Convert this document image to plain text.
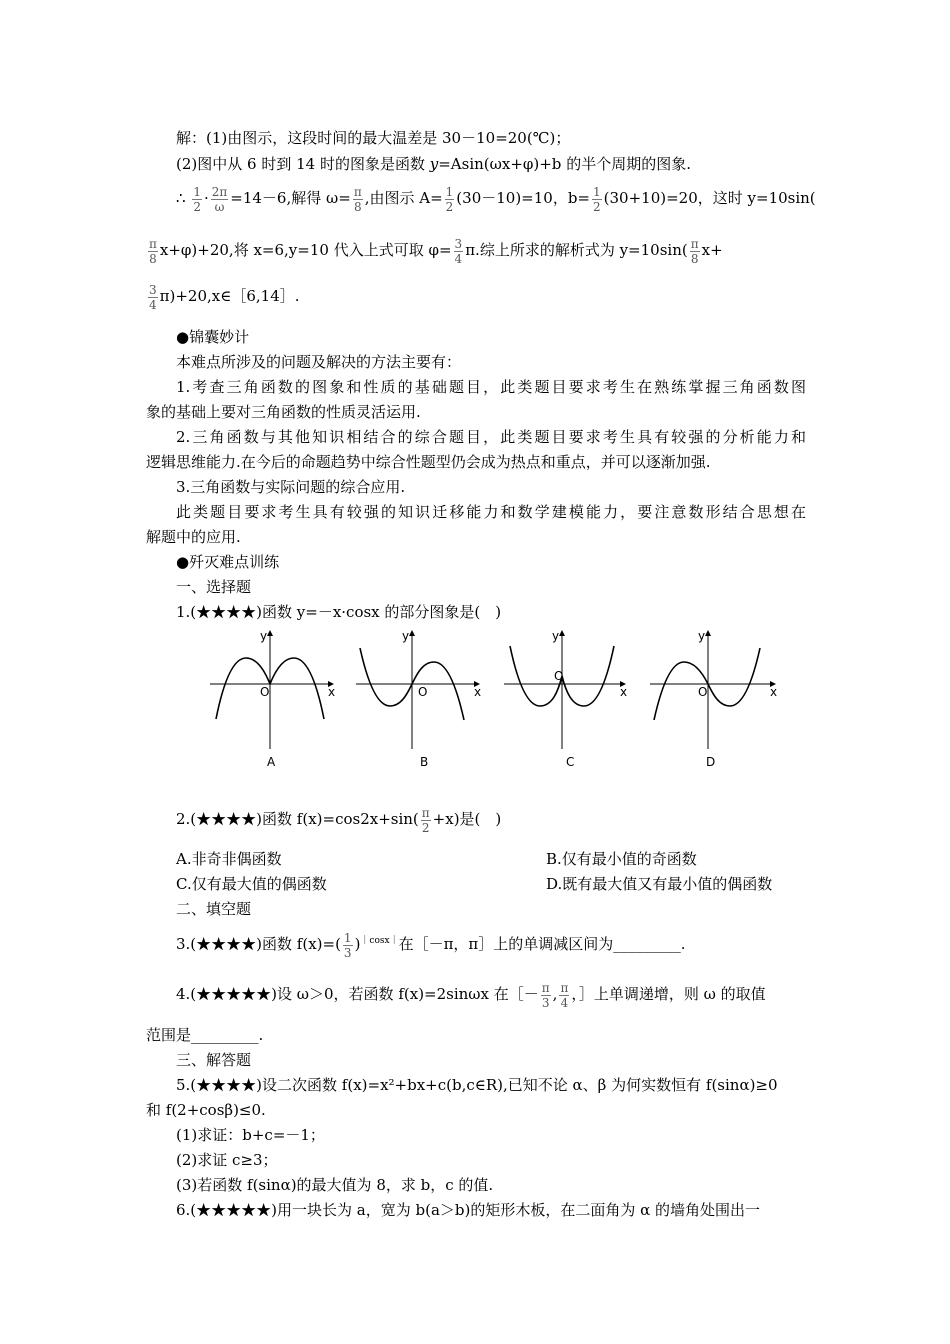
解：(1)由图示，这段时间的最大温差是 30－10=20(℃)；
(2)图中从 6 时到 14 时的图象是函数 y=Asin(ωx+φ)+b 的半个周期的图象.
∴ $\frac{1}{2} \cdot \frac{2\pi}{\omega} =14-6$,解得 $\omega= \frac{\pi}{8}$ ,由图示 $A= \frac{1}{2} (30-10)=10$，$b= \frac{1}{2} (30+10)=20$，这时 y=10sin(
$\frac{\pi}{8} x+\varphi)+20$,将 x=6,y=10 代入上式可取 $\varphi= \frac{3}{4} \pi$.综上所求的解析式为 $y=10\sin( \frac{\pi}{8} x+$
$\frac{3}{4}$ π)+20,x∈［6,14］.
●锦囊妙计
本难点所涉及的问题及解决的方法主要有：
1.考查三角函数的图象和性质的基础题目，此类题目要求考生在熟练掌握三角函数图
象的基础上要对三角函数的性质灵活运用.
2.三角函数与其他知识相结合的综合题目，此类题目要求考生具有较强的分析能力和
逻辑思维能力.在今后的命题趋势中综合性题型仍会成为热点和重点，并可以逐渐加强.
3.三角函数与实际问题的综合应用.
此类题目要求考生具有较强的知识迁移能力和数学建模能力，要注意数形结合思想在
解题中的应用.
●歼灭难点训练
一、选择题
1.(★★★★)函数 y=－x·cosx 的部分图象是(　)
y
x
O
A
y
x
O
B
y
x
O
C
y
x
O
D
2.(★★★★)函数 $f(x)=\cos 2x+\sin( \frac{\pi}{2} +x)$是(　)
A.非奇非偶函数	B.仅有最小值的奇函数
C.仅有最大值的偶函数	D.既有最大值又有最小值的偶函数
二、填空题
3.(★★★★)函数 $f(x)=( \frac{1}{3} )^{|cosx|}$在［－π，π］上的单调减区间为_________.
4.(★★★★★)设 ω＞0，若函数 f(x)=2sinωx 在［－ $\frac{\pi}{3}$ , $\frac{\pi}{4}$ ，］上单调递增，则 ω 的取值
范围是_________.
三、解答题
5.(★★★★)设二次函数 f(x)=x²+bx+c(b,c∈R),已知不论 α、β 为何实数恒有 f(sinα)≥0
和 f(2+cosβ)≤0.
(1)求证：b+c=－1；
(2)求证 c≥3；
(3)若函数 f(sinα)的最大值为 8，求 b，c 的值.
6.(★★★★★)用一块长为 a，宽为 b(a＞b)的矩形木板，在二面角为 α 的墙角处围出一
